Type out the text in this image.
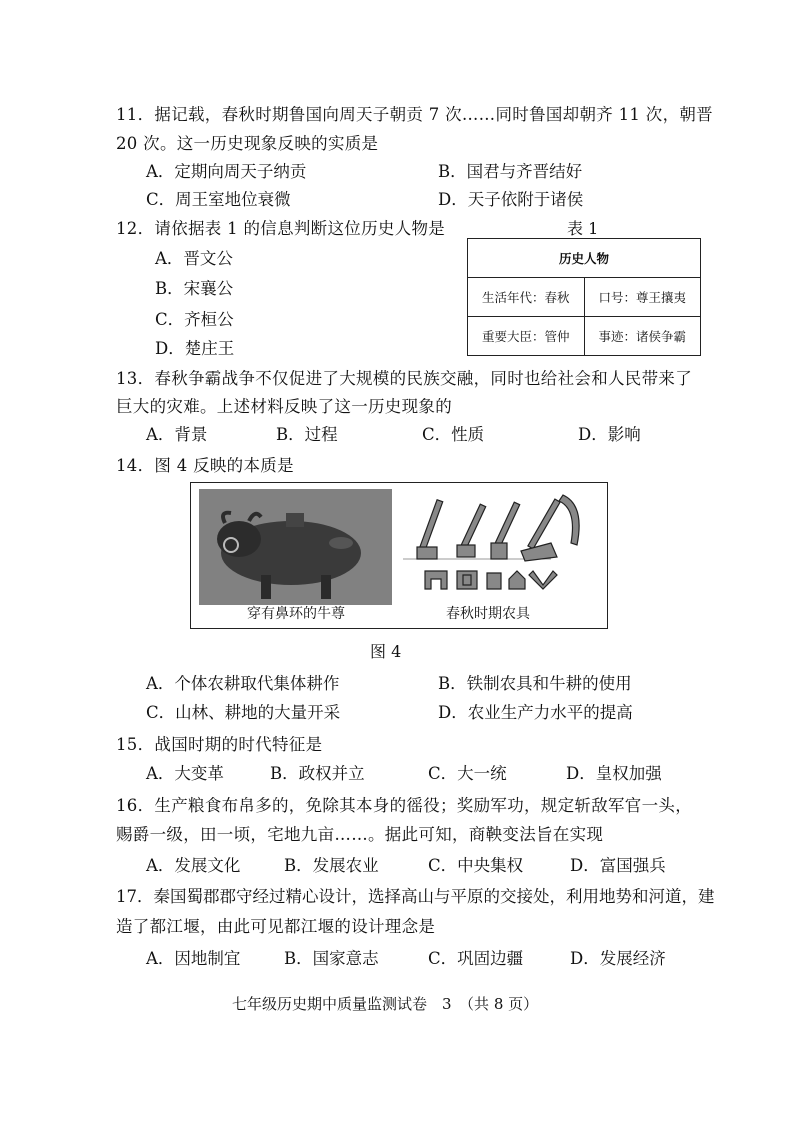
11．据记载，春秋时期鲁国向周天子朝贡 7 次……同时鲁国却朝齐 11 次，朝晋
20 次。这一历史现象反映的实质是
A．定期向周天子纳贡	B．国君与齐晋结好
C．周王室地位衰微	D．天子依附于诸侯
12．请依据表 1 的信息判断这位历史人物是
A．晋文公
B．宋襄公
C．齐桓公
D．楚庄王
表 1
历史人物	
生活年代：春秋	口号：尊王攘夷
重要大臣：管仲	事迹：诸侯争霸
13．春秋争霸战争不仅促进了大规模的民族交融，同时也给社会和人民带来了
巨大的灾难。上述材料反映了这一历史现象的
A．背景	B．过程	C．性质	D．影响
14．图 4 反映的本质是
穿有鼻环的牛尊	春秋时期农具
图 4
A．个体农耕取代集体耕作	B．铁制农具和牛耕的使用
C．山林、耕地的大量开采	D．农业生产力水平的提高
15．战国时期的时代特征是
A．大变革	B．政权并立	C．大一统	D．皇权加强
16．生产粮食布帛多的，免除其本身的徭役；奖励军功，规定斩敌军官一头，
赐爵一级，田一顷，宅地九亩……。据此可知，商鞅变法旨在实现
A．发展文化	B．发展农业	C．中央集权	D．富国强兵
17．秦国蜀郡郡守经过精心设计，选择高山与平原的交接处，利用地势和河道，建
造了都江堰，由此可见都江堰的设计理念是
A．因地制宜	B．国家意志	C．巩固边疆	D．发展经济
七年级历史期中质量监测试卷　3　（共 8 页）
